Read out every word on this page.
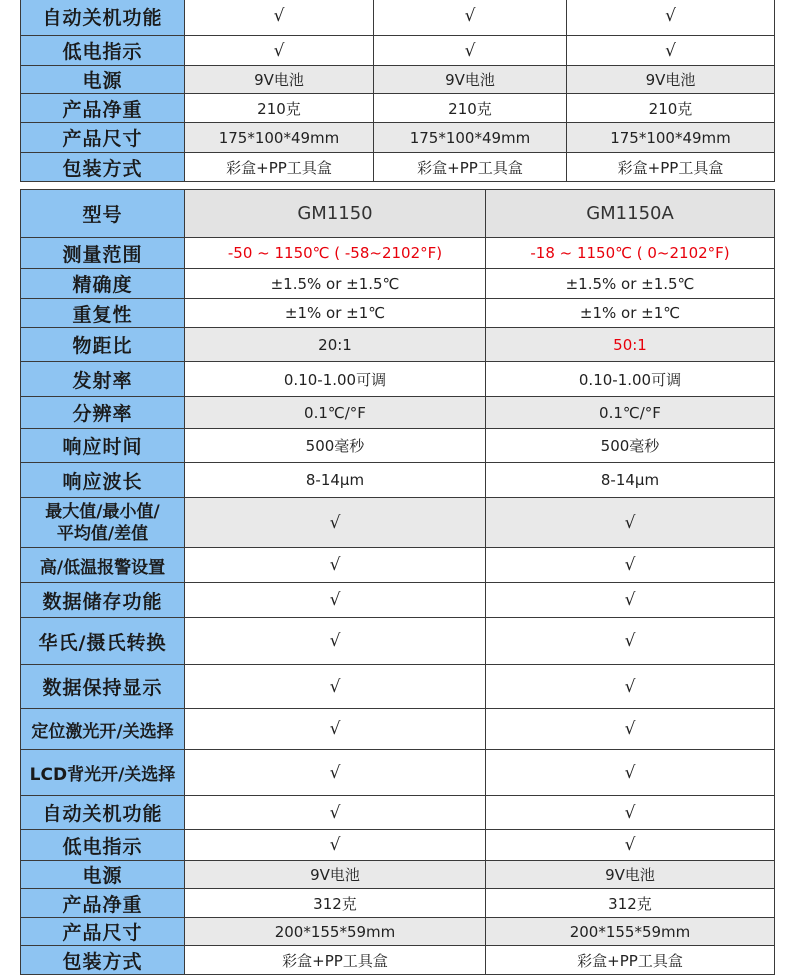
自动关机功能	√	√	√
低电指示	√	√	√
电源	9V电池	9V电池	9V电池
产品净重	210克	210克	210克
产品尺寸	175*100*49mm	175*100*49mm	175*100*49mm
包装方式	彩盒+PP工具盒	彩盒+PP工具盒	彩盒+PP工具盒
型号	GM1150	GM1150A
测量范围	-50 ~ 1150℃ ( -58~2102°F)	-18 ~ 1150℃ ( 0~2102°F)
精确度	±1.5% or ±1.5℃	±1.5% or ±1.5℃
重复性	±1% or ±1℃	±1% or ±1℃
物距比	20:1	50:1
发射率	0.10-1.00可调	0.10-1.00可调
分辨率	0.1℃/°F	0.1℃/°F
响应时间	500毫秒	500毫秒
响应波长	8-14μm	8-14μm

最大值/最小值/
平均值/差值	√	√
高/低温报警设置	√	√
数据储存功能	√	√
华氏/摄氏转换	√	√
数据保持显示	√	√
定位激光开/关选择	√	√
LCD背光开/关选择	√	√
自动关机功能	√	√
低电指示	√	√
电源	9V电池	9V电池
产品净重	312克	312克
产品尺寸	200*155*59mm	200*155*59mm
包装方式	彩盒+PP工具盒	彩盒+PP工具盒
